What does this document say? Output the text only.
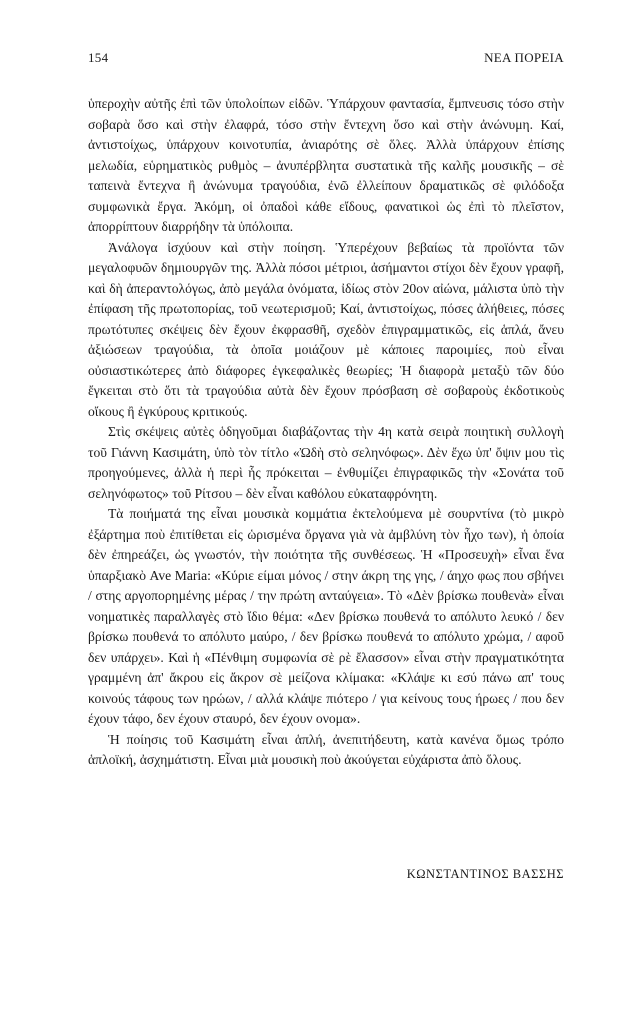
154	ΝΕΑ ΠΟΡΕΙΑ

ὑπεροχὴν αὐτῆς ἐπὶ τῶν ὑπολοίπων εἰδῶν. Ὑπάρχουν φαντασία, ἔμπνευσις τόσο στὴν σοβαρὰ ὅσο καὶ στὴν ἐλαφρά, τόσο στὴν ἔντεχνη ὅσο καὶ στὴν ἀνώνυμη. Καί, ἀντιστοίχως, ὑπάρχουν κοινοτυπία, ἀνιαρότης σὲ ὅλες. Ἀλλὰ ὑπάρχουν ἐπίσης μελωδία, εὑρηματικὸς ρυθμὸς – ἀνυπέρβλητα συστατικὰ τῆς καλῆς μουσικῆς – σὲ ταπεινὰ ἔντεχνα ἢ ἀνώνυμα τραγούδια, ἐνῶ ἐλλείπουν δραματικῶς σὲ φιλόδοξα συμφωνικὰ ἔργα. Ἀκόμη, οἱ ὀπαδοὶ κάθε εἴδους, φανατικοὶ ὡς ἐπὶ τὸ πλεῖστον, ἀπορρίπτουν διαρρήδην τὰ ὑπόλοιπα.

Ἀνάλογα ἰσχύουν καὶ στὴν ποίηση. Ὑπερέχουν βεβαίως τὰ προϊόντα τῶν μεγαλοφυῶν δημιουργῶν της. Ἀλλὰ πόσοι μέτριοι, ἀσήμαντοι στίχοι δὲν ἔχουν γραφῆ, καὶ δὴ ἀπεραντολόγως, ἀπὸ μεγάλα ὀνόματα, ἰδίως στὸν 20ον αἰώνα, μάλιστα ὑπὸ τὴν ἐπίφαση τῆς πρωτοπορίας, τοῦ νεωτερισμοῦ; Καί, ἀντιστοίχως, πόσες ἀλήθειες, πόσες πρωτότυπες σκέψεις δὲν ἔχουν ἐκφρασθῆ, σχεδὸν ἐπιγραμματικῶς, εἰς ἁπλά, ἄνευ ἀξιώσεων τραγούδια, τὰ ὁποῖα μοιάζουν μὲ κάποιες παροιμίες, ποὺ εἶναι οὐσιαστικώτερες ἀπὸ διάφορες ἐγκεφαλικὲς θεωρίες; Ἡ διαφορὰ μεταξὺ τῶν δύο ἔγκειται στὸ ὅτι τὰ τραγούδια αὐτὰ δὲν ἔχουν πρόσβαση σὲ σοβαροὺς ἐκδοτικοὺς οἴκους ἢ ἐγκύρους κριτικούς.

Στὶς σκέψεις αὐτὲς ὁδηγοῦμαι διαβάζοντας τὴν 4η κατὰ σειρὰ ποιητικὴ συλλογὴ τοῦ Γιάννη Κασιμάτη, ὑπὸ τὸν τίτλο «Ὠδὴ στὸ σεληνόφως». Δὲν ἔχω ὑπ' ὄψιν μου τὶς προηγούμενες, ἀλλὰ ἡ περὶ ἧς πρόκειται – ἐνθυμίζει ἐπιγραφικῶς τὴν «Σονάτα τοῦ σεληνόφωτος» τοῦ Ρίτσου – δὲν εἶναι καθόλου εὐκαταφρόνητη.

Τὰ ποιήματά της εἶναι μουσικὰ κομμάτια ἐκτελούμενα μὲ σουρντίνα (τὸ μικρὸ ἐξάρτημα ποὺ ἐπιτίθεται εἰς ὡρισμένα ὄργανα γιὰ νὰ ἀμβλύνη τὸν ἦχο των), ἡ ὁποία δὲν ἐπηρεάζει, ὡς γνωστόν, τὴν ποιότητα τῆς συνθέσεως. Ἡ «Προσευχὴ» εἶναι ἕνα ὑπαρξιακὸ Ave Maria: «Κύριε είμαι μόνος / στην άκρη της γης, / άηχο φως που σβήνει / στης αργοπορημένης μέρας / την πρώτη ανταύγεια». Τὸ «Δὲν βρίσκω πουθενὰ» εἶναι νοηματικὲς παραλλαγὲς στὸ ἴδιο θέμα: «Δεν βρίσκω πουθενά το απόλυτο λευκό / δεν βρίσκω πουθενά το απόλυτο μαύρο, / δεν βρίσκω πουθενά το απόλυτο χρώμα, / αφοῦ δεν υπάρχει». Καὶ ἡ «Πένθιμη συμφωνία σὲ ρὲ ἔλασσον» εἶναι στὴν πραγματικότητα γραμμένη ἀπ' ἄκρου εἰς ἄκρον σὲ μείζονα κλίμακα: «Κλάψε κι εσύ πάνω απ' τους κοινούς τάφους των ηρώων, / αλλά κλάψε πιότερο / για κείνους τους ήρωες / που δεν έχουν τάφο, δεν έχουν σταυρό, δεν έχουν ονομα».

Ἡ ποίησις τοῦ Κασιμάτη εἶναι ἁπλή, ἀνεπιτήδευτη, κατὰ κανένα ὅμως τρόπο ἁπλοϊκή, ἀσχημάτιστη. Εἶναι μιὰ μουσικὴ ποὺ ἀκούγεται εὐχάριστα ἀπὸ ὅλους.

ΚΩΝΣΤΑΝΤΙΝΟΣ ΒΑΣΣΗΣ
